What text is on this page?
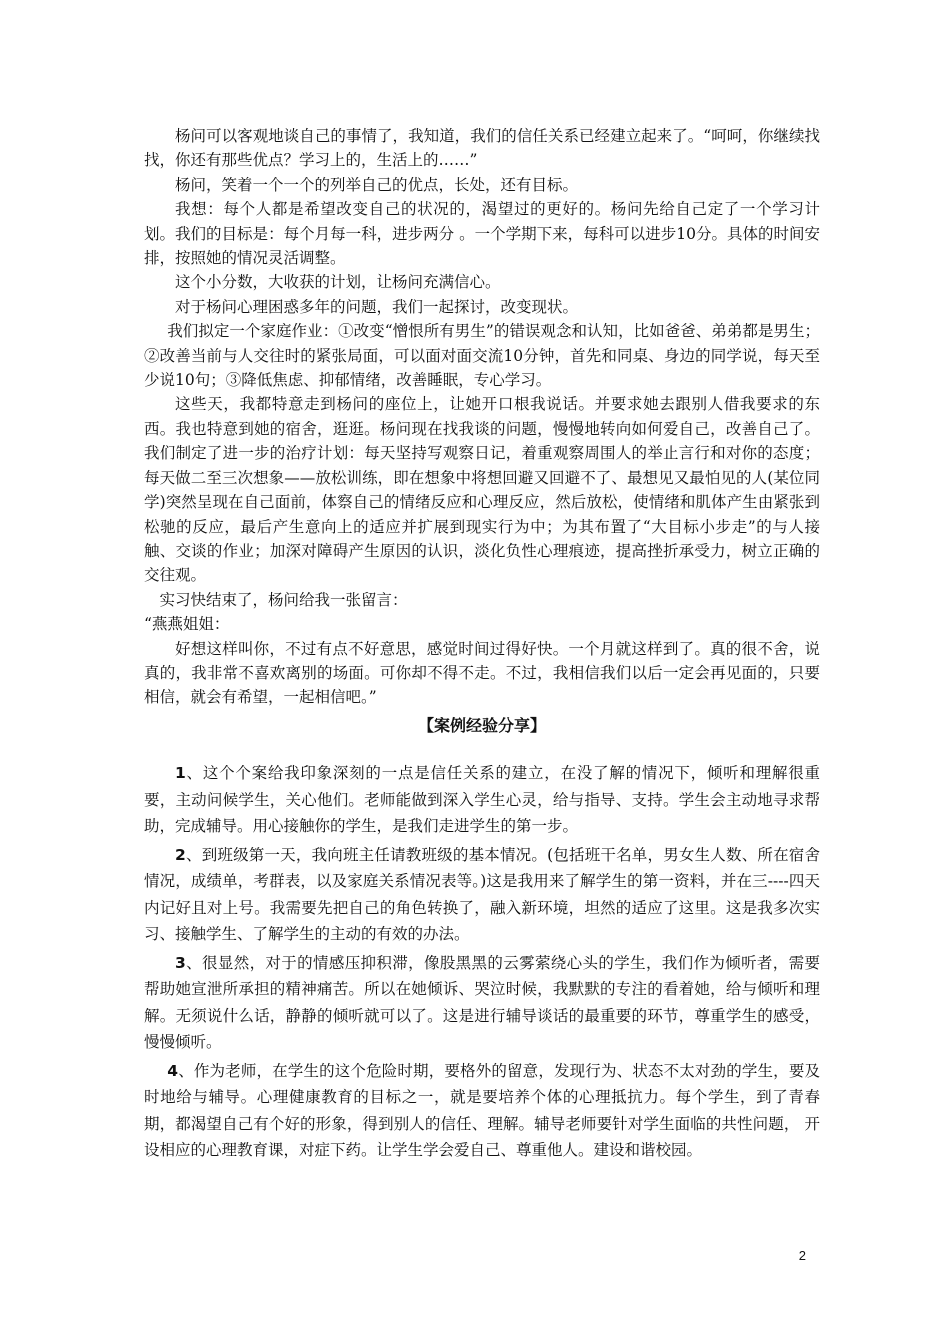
杨问可以客观地谈自己的事情了，我知道，我们的信任关系已经建立起来了。“呵呵，你继续找找，你还有那些优点？学习上的，生活上的……”

杨问，笑着一个一个的列举自己的优点，长处，还有目标。

我想：每个人都是希望改变自己的状况的，渴望过的更好的。杨问先给自己定了一个学习计划。我们的目标是：每个月每一科，进步两分 。一个学期下来，每科可以进步10分。具体的时间安排，按照她的情况灵活调整。

这个小分数，大收获的计划，让杨问充满信心。

对于杨问心理困惑多年的问题，我们一起探讨，改变现状。

我们拟定一个家庭作业：①改变“憎恨所有男生”的错误观念和认知，比如爸爸、弟弟都是男生； ②改善当前与人交往时的紧张局面，可以面对面交流10分钟，首先和同桌、身边的同学说，每天至少说10句；③降低焦虑、抑郁情绪，改善睡眠，专心学习。

这些天，我都特意走到杨问的座位上，让她开口根我说话。并要求她去跟别人借我要求的东西。我也特意到她的宿舍，逛逛。杨问现在找我谈的问题，慢慢地转向如何爱自己，改善自己了。我们制定了进一步的治疗计划：每天坚持写观察日记，着重观察周围人的举止言行和对你的态度；每天做二至三次想象——放松训练，即在想象中将想回避又回避不了、最想见又最怕见的人(某位同学)突然呈现在自己面前，体察自己的情绪反应和心理反应，然后放松，使情绪和肌体产生由紧张到松驰的反应，最后产生意向上的适应并扩展到现实行为中；为其布置了“大目标小步走”的与人接触、交谈的作业；加深对障碍产生原因的认识，淡化负性心理痕迹，提高挫折承受力，树立正确的交往观。

实习快结束了，杨问给我一张留言：

“燕燕姐姐：

好想这样叫你，不过有点不好意思，感觉时间过得好快。一个月就这样到了。真的很不舍，说真的，我非常不喜欢离别的场面。可你却不得不走。不过，我相信我们以后一定会再见面的，只要相信，就会有希望，一起相信吧。”

【案例经验分享】

1、这个个案给我印象深刻的一点是信任关系的建立，在没了解的情况下，倾听和理解很重要，主动问候学生，关心他们。老师能做到深入学生心灵，给与指导、支持。学生会主动地寻求帮助，完成辅导。用心接触你的学生，是我们走进学生的第一步。

2、到班级第一天，我向班主任请教班级的基本情况。(包括班干名单，男女生人数、所在宿舍情况，成绩单，考群表，以及家庭关系情况表等。)这是我用来了解学生的第一资料，并在三----四天内记好且对上号。我需要先把自己的角色转换了，融入新环境，坦然的适应了这里。这是我多次实习、接触学生、了解学生的主动的有效的办法。

3、很显然，对于的情感压抑积滞，像股黑黑的云雾萦绕心头的学生，我们作为倾听者，需要帮助她宣泄所承担的精神痛苦。所以在她倾诉、哭泣时候，我默默的专注的看着她，给与倾听和理解。无须说什么话，静静的倾听就可以了。这是进行辅导谈话的最重要的环节，尊重学生的感受，慢慢倾听。

4、作为老师，在学生的这个危险时期，要格外的留意，发现行为、状态不太对劲的学生，要及时地给与辅导。心理健康教育的目标之一，就是要培养个体的心理抵抗力。每个学生，到了青春期，都渴望自己有个好的形象，得到别人的信任、理解。辅导老师要针对学生面临的共性问题， 开设相应的心理教育课，对症下药。让学生学会爱自己、尊重他人。建设和谐校园。

2
